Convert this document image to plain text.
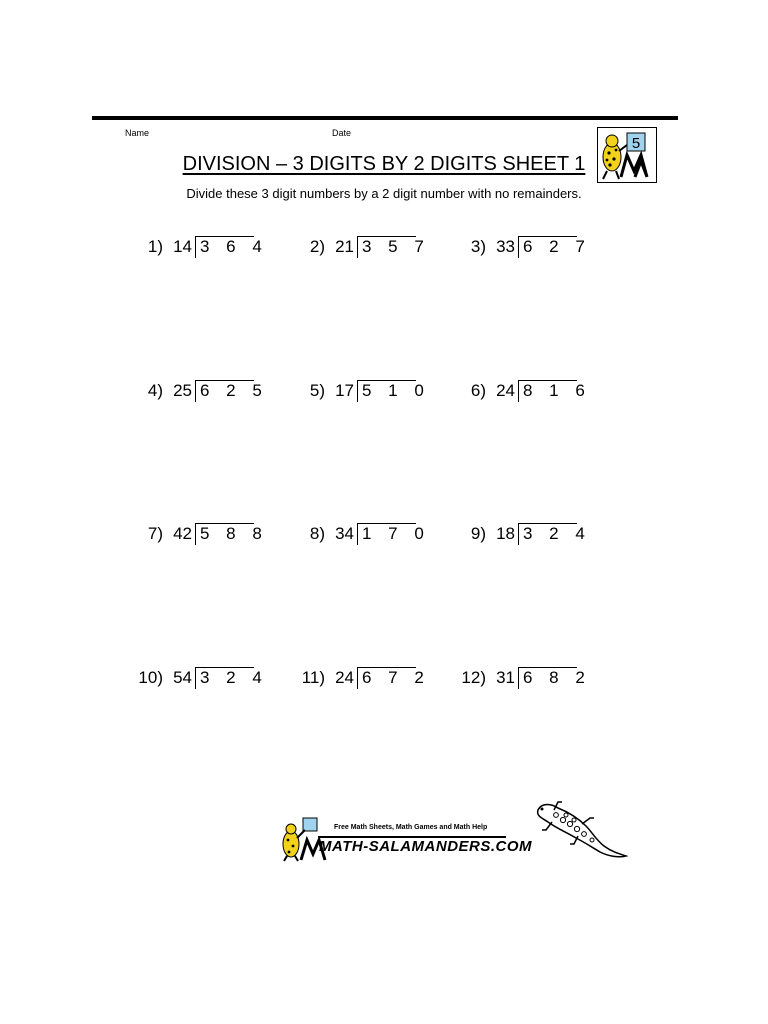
Name	Date
5
DIVISION – 3 DIGITS BY 2 DIGITS SHEET 1
Divide these 3 digit numbers by a 2 digit number with no remainders.
1) 14 3 6 4	2) 21 3 5 7	3) 33 6 2 7
4) 25 6 2 5	5) 17 5 1 0	6) 24 8 1 6
7) 42 5 8 8	8) 34 1 7 0	9) 18 3 2 4
10) 54 3 2 4	11) 24 6 7 2	12) 31 6 8 2
Free Math Sheets, Math Games and Math Help
MATH-SALAMANDERS.COM
